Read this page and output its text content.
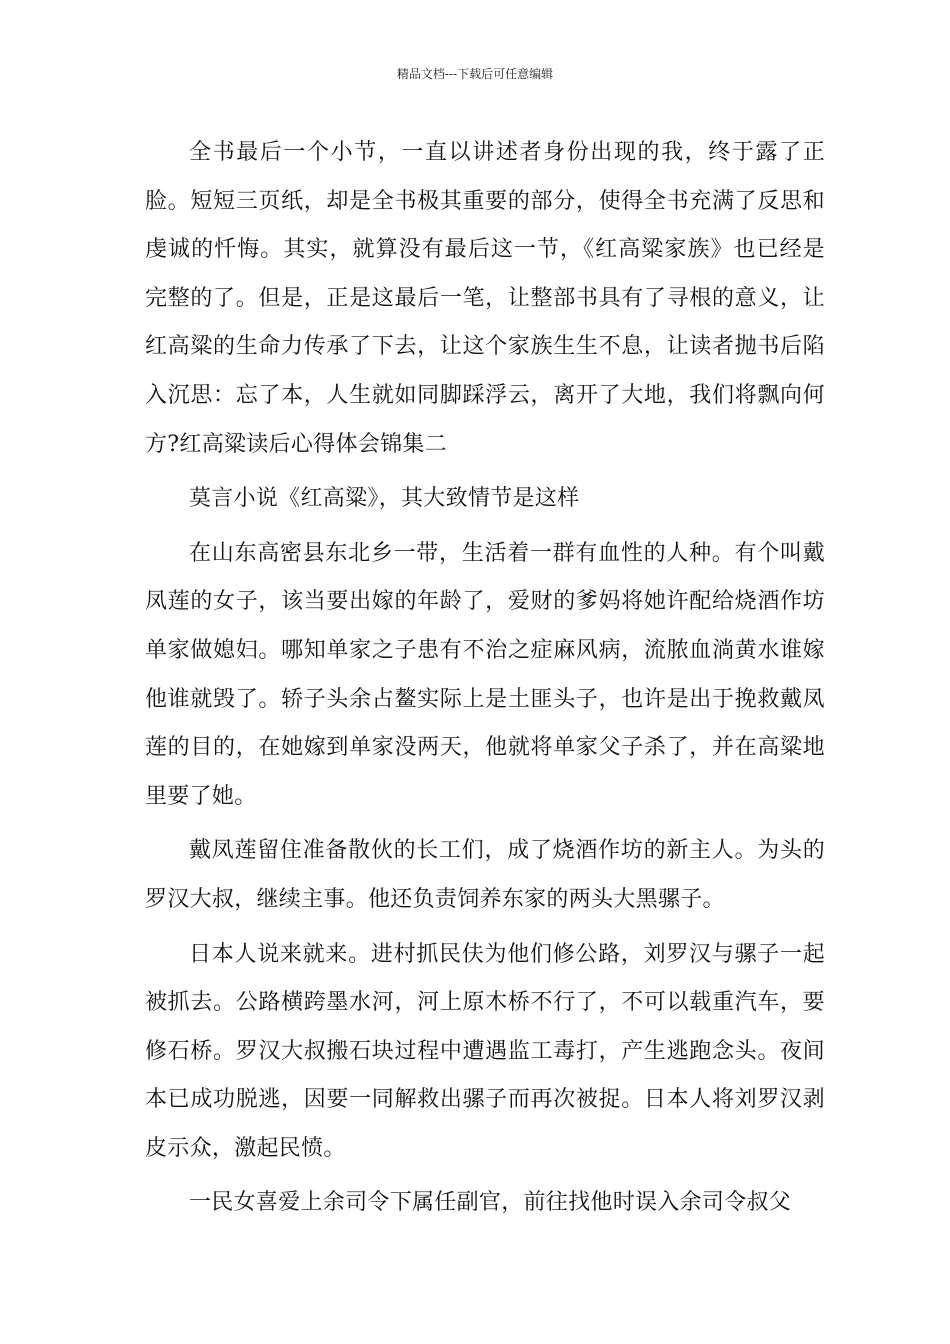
精品文档---下载后可任意编辑

全书最后一个小节，一直以讲述者身份出现的我，终于露了正脸。短短三页纸，却是全书极其重要的部分，使得全书充满了反思和虔诚的忏悔。其实，就算没有最后这一节，《红高粱家族》也已经是完整的了。但是，正是这最后一笔，让整部书具有了寻根的意义，让红高粱的生命力传承了下去，让这个家族生生不息，让读者抛书后陷入沉思：忘了本，人生就如同脚踩浮云，离开了大地，我们将飘向何方?红高粱读后心得体会锦集二

莫言小说《红高粱》，其大致情节是这样

在山东高密县东北乡一带，生活着一群有血性的人种。有个叫戴凤莲的女子，该当要出嫁的年龄了，爱财的爹妈将她许配给烧酒作坊单家做媳妇。哪知单家之子患有不治之症麻风病，流脓血淌黄水谁嫁他谁就毁了。轿子头余占鳌实际上是土匪头子，也许是出于挽救戴凤莲的目的，在她嫁到单家没两天，他就将单家父子杀了，并在高粱地里要了她。

戴凤莲留住准备散伙的长工们，成了烧酒作坊的新主人。为头的罗汉大叔，继续主事。他还负责饲养东家的两头大黑骡子。

日本人说来就来。进村抓民伕为他们修公路，刘罗汉与骡子一起被抓去。公路横跨墨水河，河上原木桥不行了，不可以载重汽车，要修石桥。罗汉大叔搬石块过程中遭遇监工毒打，产生逃跑念头。夜间本已成功脱逃，因要一同解救出骡子而再次被捉。日本人将刘罗汉剥皮示众，激起民愤。

一民女喜爱上余司令下属任副官，前往找他时误入余司令叔父
